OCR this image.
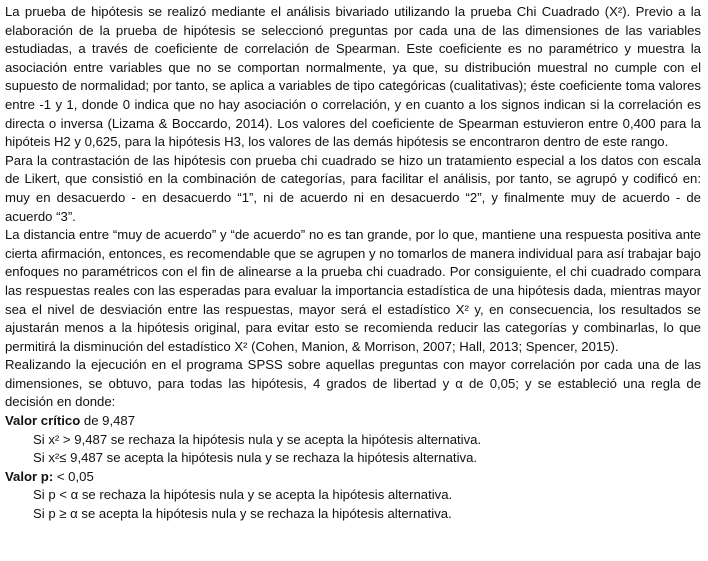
La prueba de hipótesis se realizó mediante el análisis bivariado utilizando la prueba Chi Cuadrado (X²). Previo a la elaboración de la prueba de hipótesis se seleccionó preguntas por cada una de las dimensiones de las variables estudiadas, a través de coeficiente de correlación de Spearman. Este coeficiente es no paramétrico y muestra la asociación entre variables que no se comportan normalmente, ya que, su distribución muestral no cumple con el supuesto de normalidad; por tanto, se aplica a variables de tipo categóricas (cualitativas); éste coeficiente toma valores entre -1 y 1, donde 0 indica que no hay asociación o correlación, y en cuanto a los signos indican si la correlación es directa o inversa (Lizama & Boccardo, 2014). Los valores del coeficiente de Spearman estuvieron entre 0,400 para la hipóteis H2 y 0,625, para la hipótesis H3, los valores de las demás hipótesis se encontraron dentro de este rango.

Para la contrastación de las hipótesis con prueba chi cuadrado se hizo un tratamiento especial a los datos con escala de Likert, que consistió en la combinación de categorías, para facilitar el análisis, por tanto, se agrupó y codificó en: muy en desacuerdo - en desacuerdo “1”, ni de acuerdo ni en desacuerdo “2”, y finalmente muy de acuerdo - de acuerdo “3”.

La distancia entre “muy de acuerdo” y “de acuerdo” no es tan grande, por lo que, mantiene una respuesta positiva ante cierta afirmación, entonces, es recomendable que se agrupen y no tomarlos de manera individual para así trabajar bajo enfoques no paramétricos con el fin de alinearse a la prueba chi cuadrado. Por consiguiente, el chi cuadrado compara las respuestas reales con las esperadas para evaluar la importancia estadística de una hipótesis dada, mientras mayor sea el nivel de desviación entre las respuestas, mayor será el estadístico X² y, en consecuencia, los resultados se ajustarán menos a la hipótesis original, para evitar esto se recomienda reducir las categorías y combinarlas, lo que permitirá la disminución del estadístico X² (Cohen, Manion, & Morrison, 2007; Hall, 2013; Spencer, 2015).

Realizando la ejecución en el programa SPSS sobre aquellas preguntas con mayor correlación por cada una de las dimensiones, se obtuvo, para todas las hipótesis, 4 grados de libertad y α de 0,05; y se estableció una regla de decisión en donde:

Valor crítico de 9,487

Si x² > 9,487 se rechaza la hipótesis nula y se acepta la hipótesis alternativa.

Si x²≤ 9,487 se acepta la hipótesis nula y se rechaza la hipótesis alternativa.

Valor p: < 0,05

Si p < α se rechaza la hipótesis nula y se acepta la hipótesis alternativa.

Si p ≥ α se acepta la hipótesis nula y se rechaza la hipótesis alternativa.
